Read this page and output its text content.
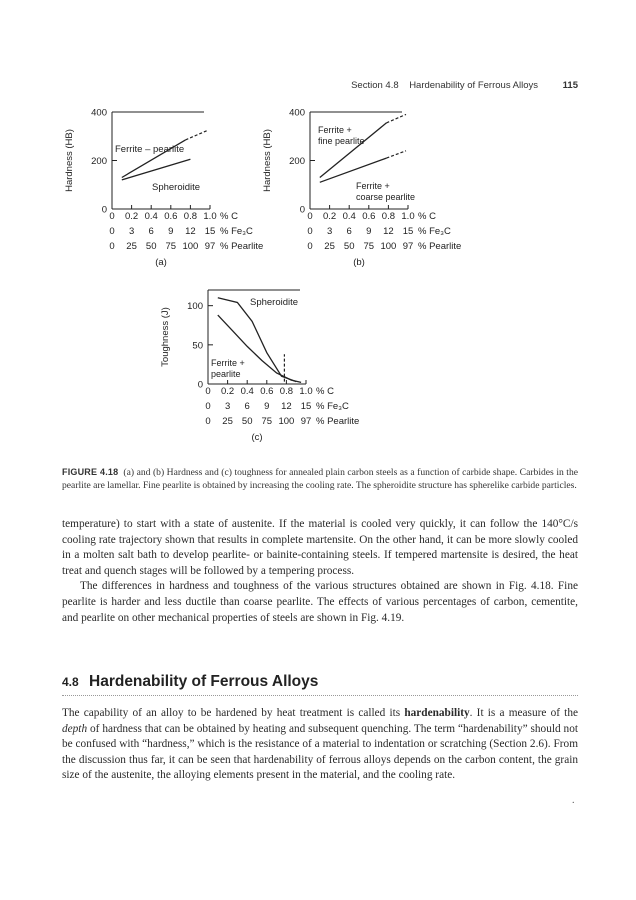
Section 4.8 Hardenability of Ferrous Alloys	115
0
200
400
Hardness (HB)
0 0.2 0.4 0.6 0.8 1.0 % C
0 3 6 9 12 15 % Fe₃C
0 25 50 75 100 97 % Pearlite
(a)
Ferrite – pearlite
Spheroidite
0
200
400
Hardness (HB)
0 0.2 0.4 0.6 0.8 1.0 % C
0 3 6 9 12 15 % Fe₃C
0 25 50 75 100 97 % Pearlite
(b)
Ferrite +
fine pearlite
Ferrite +
coarse pearlite
0
50
100
Toughness (J)
0 0.2 0.4 0.6 0.8 1.0 % C
0 3 6 9 12 15 % Fe₃C
0 25 50 75 100 97 % Pearlite
(c)
Spheroidite
Ferrite +
pearlite
FIGURE 4.18 (a) and (b) Hardness and (c) toughness for annealed plain carbon steels as a function of carbide shape. Carbides in the pearlite are lamellar. Fine pearlite is obtained by increasing the cooling rate. The spheroidite structure has spherelike carbide particles.

temperature) to start with a state of austenite. If the material is cooled very quickly, it can follow the 140°C/s cooling rate trajectory shown that results in complete martensite. On the other hand, it can be more slowly cooled in a molten salt bath to develop pearlite- or bainite-containing steels. If tempered martensite is desired, the heat treat and quench stages will be followed by a tempering process.

The differences in hardness and toughness of the various structures obtained are shown in Fig. 4.18. Fine pearlite is harder and less ductile than coarse pearlite. The effects of various percentages of carbon, cementite, and pearlite on other mechanical properties of steels are shown in Fig. 4.19.

4.8 Hardenability of Ferrous Alloys

The capability of an alloy to be hardened by heat treatment is called its hardenability. It is a measure of the depth of hardness that can be obtained by heating and subsequent quenching. The term “hardenability” should not be confused with “hardness,” which is the resistance of a material to indentation or scratching (Section 2.6). From the discussion thus far, it can be seen that hardenability of ferrous alloys depends on the carbon content, the grain size of the austenite, the alloying elements present in the material, and the cooling rate.

.
